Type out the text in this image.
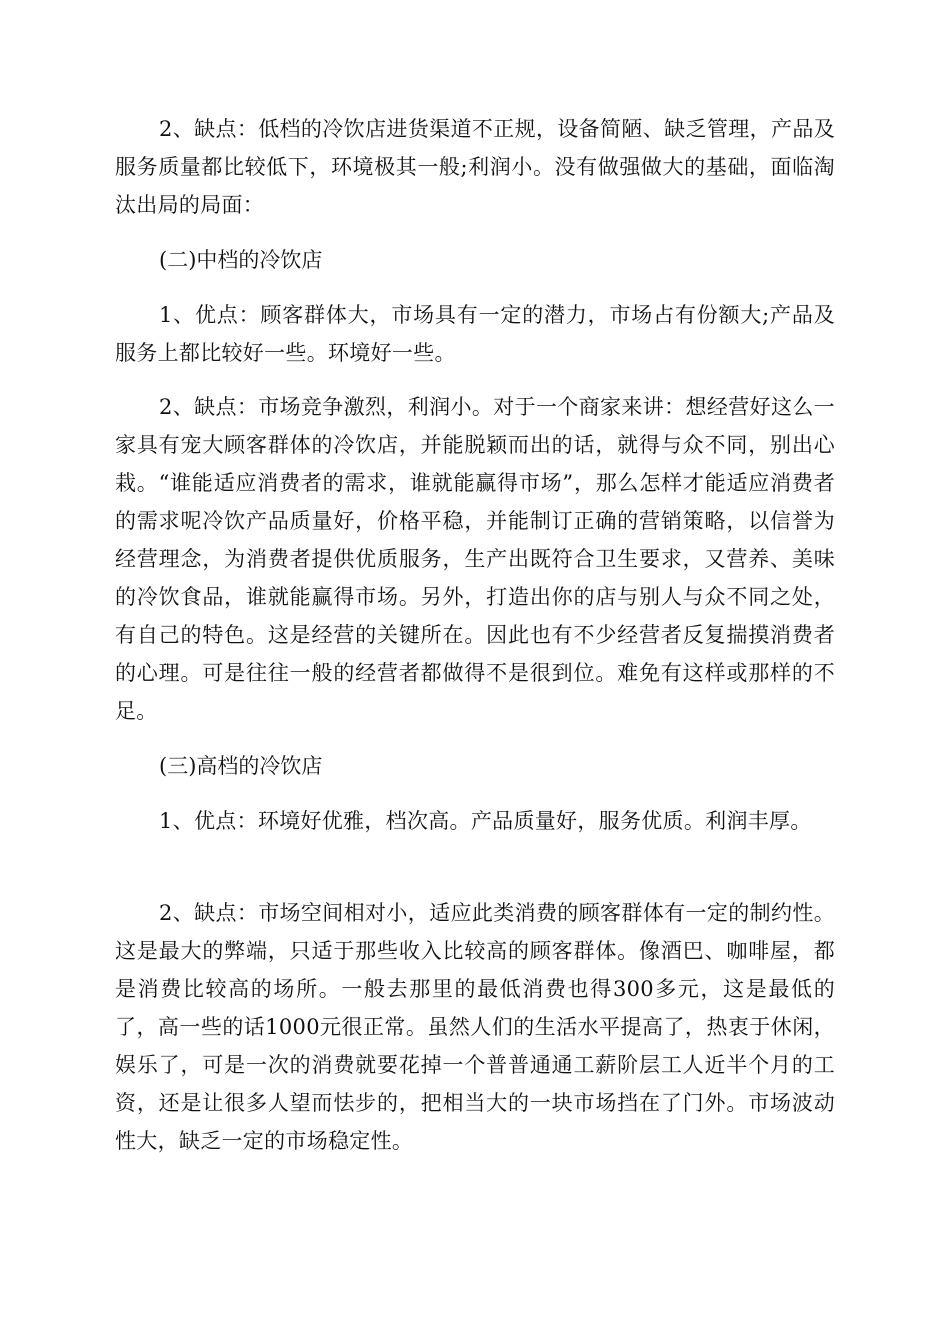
2、缺点：低档的冷饮店进货渠道不正规，设备简陋、缺乏管理，产品及服务质量都比较低下，环境极其一般;利润小。没有做强做大的基础，面临淘汰出局的局面：

(二)中档的冷饮店

1、优点：顾客群体大，市场具有一定的潜力，市场占有份额大;产品及服务上都比较好一些。环境好一些。

2、缺点：市场竞争激烈，利润小。对于一个商家来讲：想经营好这么一家具有宠大顾客群体的冷饮店，并能脱颖而出的话，就得与众不同，别出心栽。“谁能适应消费者的需求，谁就能赢得市场”，那么怎样才能适应消费者的需求呢冷饮产品质量好，价格平稳，并能制订正确的营销策略，以信誉为经营理念，为消费者提供优质服务，生产出既符合卫生要求，又营养、美味的冷饮食品，谁就能赢得市场。另外，打造出你的店与别人与众不同之处，有自己的特色。这是经营的关键所在。因此也有不少经营者反复揣摸消费者的心理。可是往往一般的经营者都做得不是很到位。难免有这样或那样的不足。

(三)高档的冷饮店

1、优点：环境好优雅，档次高。产品质量好，服务优质。利润丰厚。

2、缺点：市场空间相对小，适应此类消费的顾客群体有一定的制约性。这是最大的弊端，只适于那些收入比较高的顾客群体。像酒巴、咖啡屋，都是消费比较高的场所。一般去那里的最低消费也得300多元，这是最低的了，高一些的话1000元很正常。虽然人们的生活水平提高了，热衷于休闲，娱乐了，可是一次的消费就要花掉一个普普通通工薪阶层工人近半个月的工资，还是让很多人望而怯步的，把相当大的一块市场挡在了门外。市场波动性大，缺乏一定的市场稳定性。
